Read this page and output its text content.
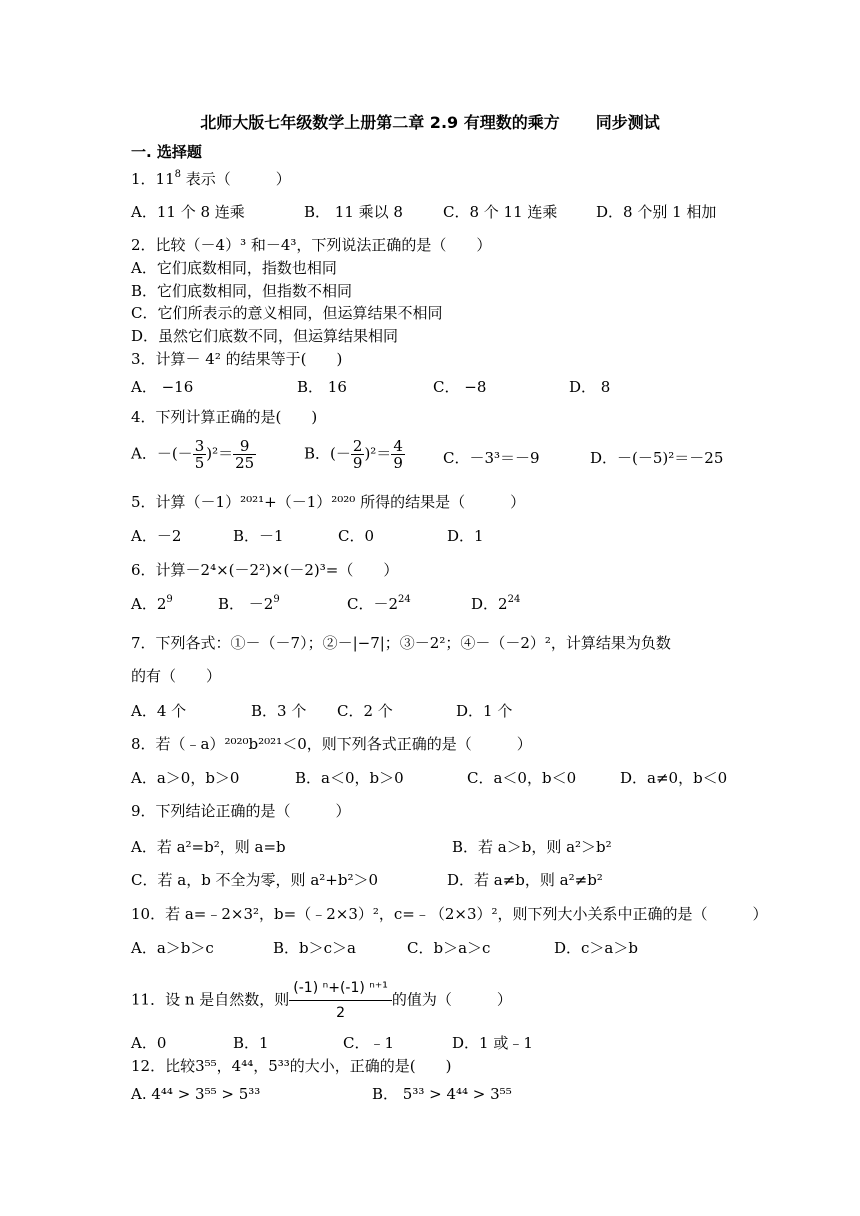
北师大版七年级数学上册第二章 2.9 有理数的乘方 同步测试
一. 选择题
1．$11^8$ 表示（　　　）
A．11 个 8 连乘	B． 11 乘以 8	C．8 个 11 连乘	D．8 个别 1 相加
2．比较（－4）³ 和－4³，下列说法正确的是（　　）
A．它们底数相同，指数也相同
B．它们底数相同，但指数不相同
C．它们所表示的意义相同，但运算结果不相同
D．虽然它们底数不同，但运算结果相同
3．计算－ 4² 的结果等于(　　)
A． −16	B． 16	C． −8	D． 8
4．下列计算正确的是(　　)
A．－(－ $\frac{3}{5} )^2= \frac{9}{25}$	B．(－ $\frac{2}{9} )^2= \frac{4}{9}$	C．－3³＝－9	D．－(－5)²＝－25
5．计算（－1）²⁰²¹+（－1）²⁰²⁰ 所得的结果是（　　　）
A．－2	B．－1	C．0	D．1
6．计算－2⁴×(－2²)×(－2)³=（　　）
A．$2^9$	B． $-2^9$	C．$-2^{24}$	D．$2^{24}$
7．下列各式：①－（－7）；②－|−7|；③－2²；④－（－2）²，计算结果为负数
的有（　　）
A．4 个	B．3 个 C．2 个	D．1 个
8．若（﹣a）²⁰²⁰b²⁰²¹＜0，则下列各式正确的是（　　　）
A．a＞0，b＞0	B．a＜0，b＞0	C．a＜0，b＜0	D．a≠0，b＜0
9．下列结论正确的是（　　　）
A．若 a²=b²，则 a=b	B．若 a＞b，则 a²＞b²
C．若 a，b 不全为零，则 a²+b²＞0	D．若 a≠b，则 a²≠b²
10．若 a=﹣2×3²，b=（﹣2×3）²，c=﹣（2×3）²，则下列大小关系中正确的是（　　　）
A．a＞b＞c	B．b＞c＞a	C．b＞a＞c	D．c＞a＞b
11．设 n 是自然数，则 $\frac{\text{(-1) ⁿ+(-1) ⁿ⁺¹}}{2}$ 的值为（　　　）
A．0	B．1	C．﹣1	D．1 或﹣1
12．比较3⁵⁵，4⁴⁴，5³³的大小，正确的是(　　)
A. 4⁴⁴ > 3⁵⁵ > 5³³	B． 5³³ > 4⁴⁴ > 3⁵⁵
